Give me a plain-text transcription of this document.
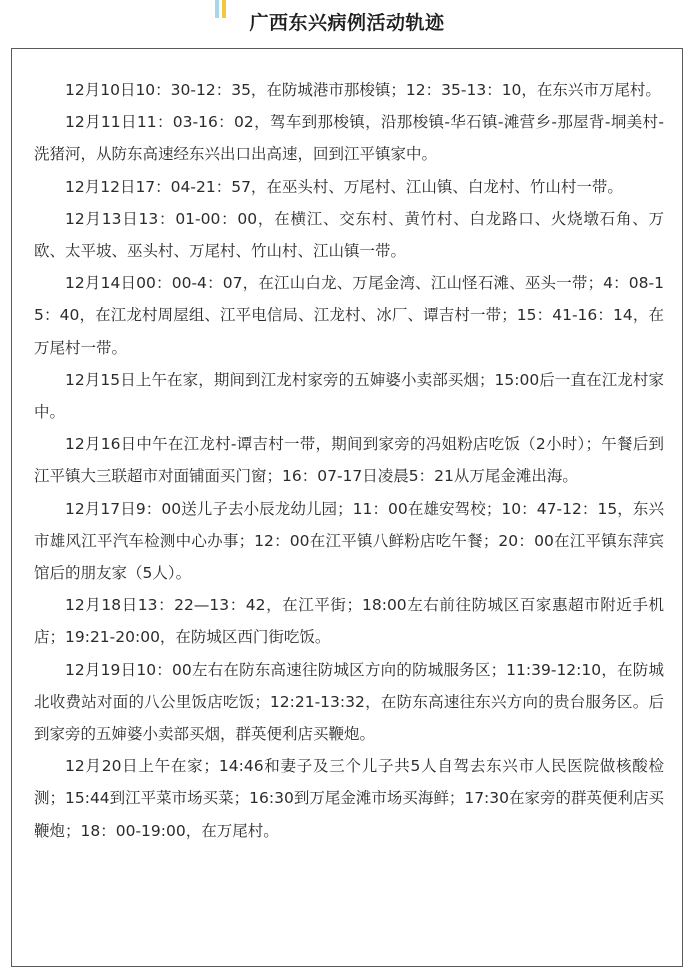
广西东兴病例活动轨迹

12月10日10：30-12：35，在防城港市那梭镇；12：35-13：10，在东兴市万尾村。

12月11日11：03-16：02，驾车到那梭镇，沿那梭镇-华石镇-滩营乡-那屋背-垌美村-洗猪河，从防东高速经东兴出口出高速，回到江平镇家中。

12月12日17：04-21：57，在巫头村、万尾村、江山镇、白龙村、竹山村一带。

12月13日13：01-00：00，在横江、交东村、黄竹村、白龙路口、火烧墩石角、万欧、太平坡、巫头村、万尾村、竹山村、江山镇一带。

12月14日00：00-4：07，在江山白龙、万尾金湾、江山怪石滩、巫头一带；4：08-15：40，在江龙村周屋组、江平电信局、江龙村、冰厂、谭吉村一带；15：41-16：14，在万尾村一带。

12月15日上午在家，期间到江龙村家旁的五婶婆小卖部买烟；15:00后一直在江龙村家中。

12月16日中午在江龙村-谭吉村一带，期间到家旁的冯姐粉店吃饭（2小时）；午餐后到江平镇大三联超市对面铺面买门窗；16：07-17日凌晨5：21从万尾金滩出海。

12月17日9：00送儿子去小辰龙幼儿园；11：00在雄安驾校；10：47-12：15，东兴市雄风江平汽车检测中心办事；12：00在江平镇八鲜粉店吃午餐；20：00在江平镇东萍宾馆后的朋友家（5人）。

12月18日13：22—13：42，在江平街；18:00左右前往防城区百家惠超市附近手机店；19:21-20:00，在防城区西门街吃饭。

12月19日10：00左右在防东高速往防城区方向的防城服务区；11:39-12:10，在防城北收费站对面的八公里饭店吃饭；12:21-13:32，在防东高速往东兴方向的贵台服务区。后到家旁的五婶婆小卖部买烟，群英便利店买鞭炮。

12月20日上午在家；14:46和妻子及三个儿子共5人自驾去东兴市人民医院做核酸检测；15:44到江平菜市场买菜；16:30到万尾金滩市场买海鲜；17:30在家旁的群英便利店买鞭炮；18：00-19:00，在万尾村。
